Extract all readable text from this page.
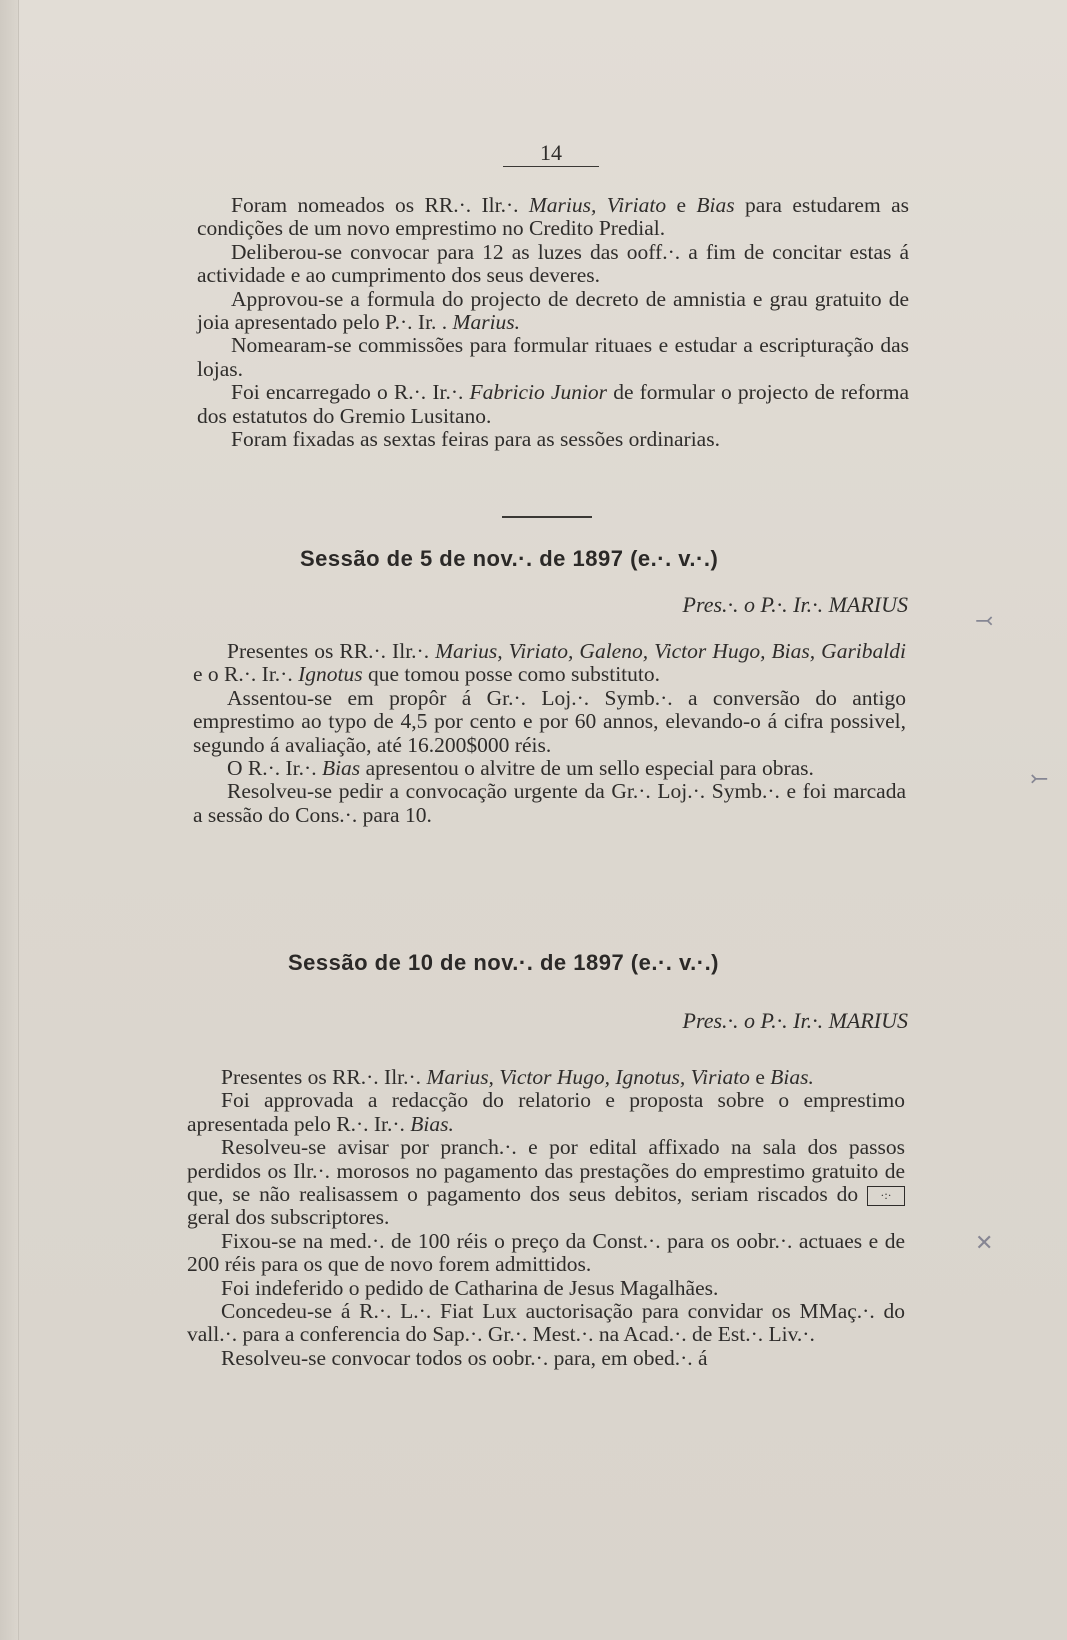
14

Foram nomeados os RR.·. Ilr.·. Marius, Viriato e Bias para estudarem as condições de um novo emprestimo no Credito Predial.

Deliberou-se convocar para 12 as luzes das ooff.·. a fim de concitar estas á actividade e ao cumprimento dos seus deveres.

Approvou-se a formula do projecto de decreto de amnistia e grau gratuito de joia apresentado pelo P.·. Ir. . Marius.

Nomearam-se commissões para formular rituaes e estudar a escripturação das lojas.

Foi encarregado o R.·. Ir.·. Fabricio Junior de formular o projecto de reforma dos estatutos do Gremio Lusitano.

Foram fixadas as sextas feiras para as sessões ordinarias.

Sessão de 5 de nov.·. de 1897 (e.·. v.·.)
Pres.·. o P.·. Ir.·. MARIUS

Presentes os RR.·. Ilr.·. Marius, Viriato, Galeno, Victor Hugo, Bias, Garibaldi e o R.·. Ir.·. Ignotus que tomou posse como substituto.

Assentou-se em propôr á Gr.·. Loj.·. Symb.·. a conversão do antigo emprestimo ao typo de 4,5 por cento e por 60 annos, elevando-o á cifra possivel, segundo á avaliação, até 16.200$000 réis.

O R.·. Ir.·. Bias apresentou o alvitre de um sello especial para obras.

Resolveu-se pedir a convocação urgente da Gr.·. Loj.·. Symb.·. e foi marcada a sessão do Cons.·. para 10.

Sessão de 10 de nov.·. de 1897 (e.·. v.·.)
Pres.·. o P.·. Ir.·. MARIUS

Presentes os RR.·. Ilr.·. Marius, Victor Hugo, Ignotus, Viriato e Bias.

Foi approvada a redacção do relatorio e proposta sobre o emprestimo apresentada pelo R.·. Ir.·. Bias.

Resolveu-se avisar por pranch.·. e por edital affixado na sala dos passos perdidos os Ilr.·. morosos no pagamento das prestações do emprestimo gratuito de que, se não realisassem o pagamento dos seus debitos, seriam riscados do ·:· geral dos subscriptores.

Fixou-se na med.·. de 100 réis o preço da Const.·. para os oobr.·. actuaes e de 200 réis para os que de novo forem admittidos.

Foi indeferido o pedido de Catharina de Jesus Magalhães.

Concedeu-se á R.·. L.·. Fiat Lux auctorisação para convidar os MMaç.·. do vall.·. para a conferencia do Sap.·. Gr.·. Mest.·. na Acad.·. de Est.·. Liv.·.

Resolveu-se convocar todos os oobr.·. para, em obed.·. á

⤙
⤚
✕
